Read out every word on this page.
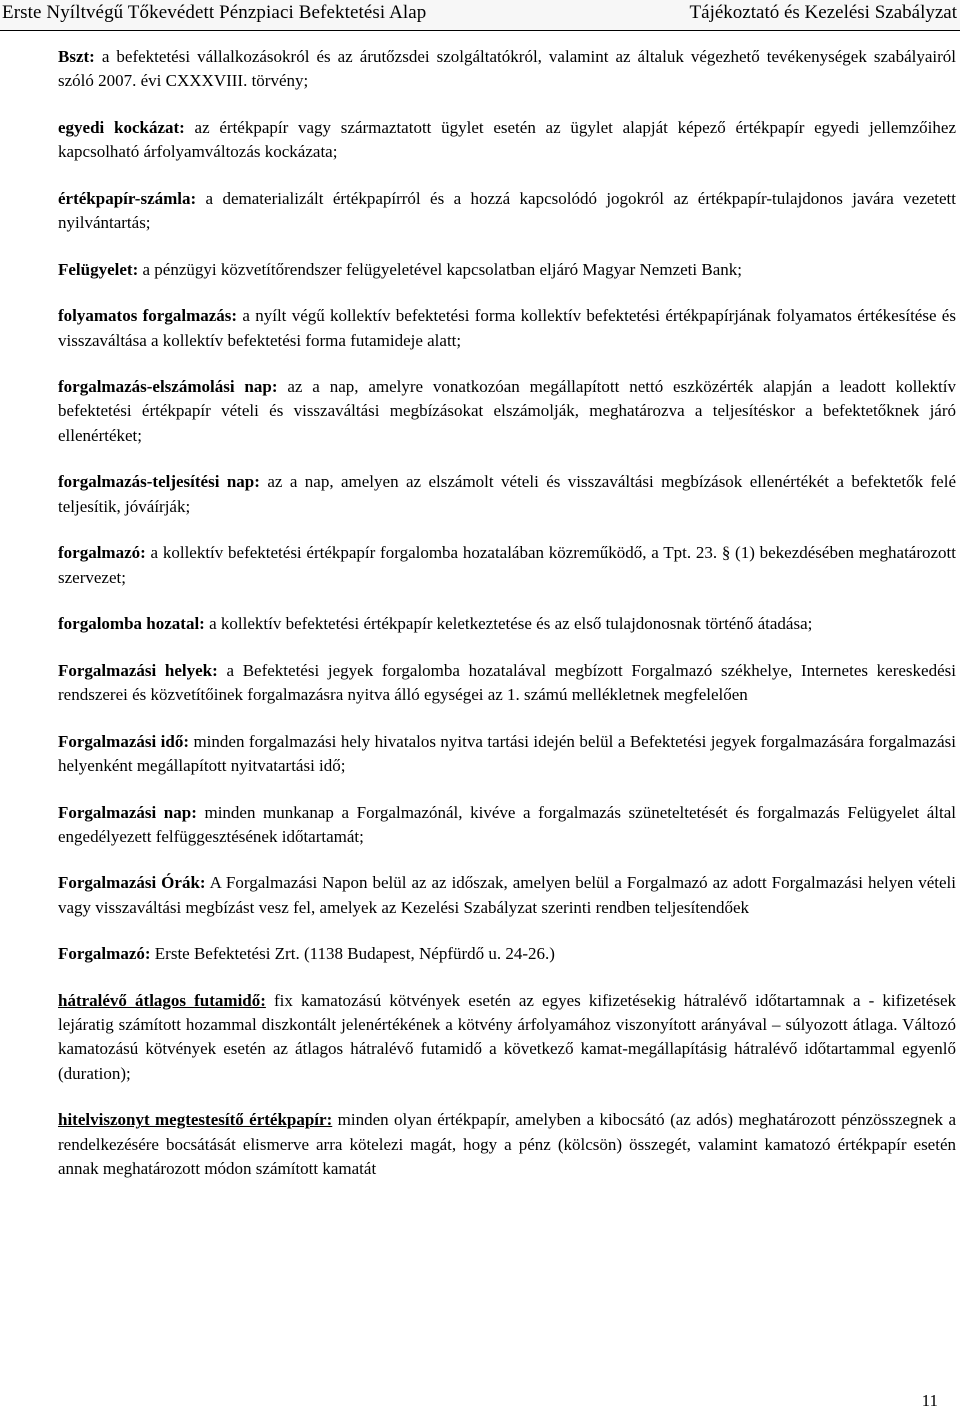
Erste Nyíltvégű Tőkevédett Pénzpiaci Befektetési Alap	Tájékoztató és Kezelési Szabályzat

Bszt: a befektetési vállalkozásokról és az árutőzsdei szolgáltatókról, valamint az általuk végezhető tevékenységek szabályairól szóló 2007. évi CXXXVIII. törvény;

egyedi kockázat: az értékpapír vagy származtatott ügylet esetén az ügylet alapját képező értékpapír egyedi jellemzőihez kapcsolható árfolyamváltozás kockázata;

értékpapír-számla: a dematerializált értékpapírról és a hozzá kapcsolódó jogokról az értékpapír-tulajdonos javára vezetett nyilvántartás;

Felügyelet: a pénzügyi közvetítőrendszer felügyeletével kapcsolatban eljáró Magyar Nemzeti Bank;

folyamatos forgalmazás: a nyílt végű kollektív befektetési forma kollektív befektetési értékpapírjának folyamatos értékesítése és visszaváltása a kollektív befektetési forma futamideje alatt;

forgalmazás-elszámolási nap: az a nap, amelyre vonatkozóan megállapított nettó eszközérték alapján a leadott kollektív befektetési értékpapír vételi és visszaváltási megbízásokat elszámolják, meghatározva a teljesítéskor a befektetőknek járó ellenértéket;

forgalmazás-teljesítési nap: az a nap, amelyen az elszámolt vételi és visszaváltási megbízások ellenértékét a befektetők felé teljesítik, jóváírják;

forgalmazó: a kollektív befektetési értékpapír forgalomba hozatalában közreműködő, a Tpt. 23. § (1) bekezdésében meghatározott szervezet;

forgalomba hozatal: a kollektív befektetési értékpapír keletkeztetése és az első tulajdonosnak történő átadása;

Forgalmazási helyek: a Befektetési jegyek forgalomba hozatalával megbízott Forgalmazó székhelye, Internetes kereskedési rendszerei és közvetítőinek forgalmazásra nyitva álló egységei az 1. számú mellékletnek megfelelően

Forgalmazási idő: minden forgalmazási hely hivatalos nyitva tartási idején belül a Befektetési jegyek forgalmazására forgalmazási helyenként megállapított nyitvatartási idő;

Forgalmazási nap: minden munkanap a Forgalmazónál, kivéve a forgalmazás szüneteltetését és forgalmazás Felügyelet által engedélyezett felfüggesztésének időtartamát;

Forgalmazási Órák: A Forgalmazási Napon belül az az időszak, amelyen belül a Forgalmazó az adott Forgalmazási helyen vételi vagy visszaváltási megbízást vesz fel, amelyek az Kezelési Szabályzat szerinti rendben teljesítendőek

Forgalmazó: Erste Befektetési Zrt. (1138 Budapest, Népfürdő u. 24-26.)

hátralévő átlagos futamidő: fix kamatozású kötvények esetén az egyes kifizetésekig hátralévő időtartamnak a - kifizetések lejáratig számított hozammal diszkontált jelenértékének a kötvény árfolyamához viszonyított arányával – súlyozott átlaga. Változó kamatozású kötvények esetén az átlagos hátralévő futamidő a következő kamat-megállapításig hátralévő időtartammal egyenlő (duration);

hitelviszonyt megtestesítő értékpapír: minden olyan értékpapír, amelyben a kibocsátó (az adós) meghatározott pénzösszegnek a rendelkezésére bocsátását elismerve arra kötelezi magát, hogy a pénz (kölcsön) összegét, valamint kamatozó értékpapír esetén annak meghatározott módon számított kamatát

11
